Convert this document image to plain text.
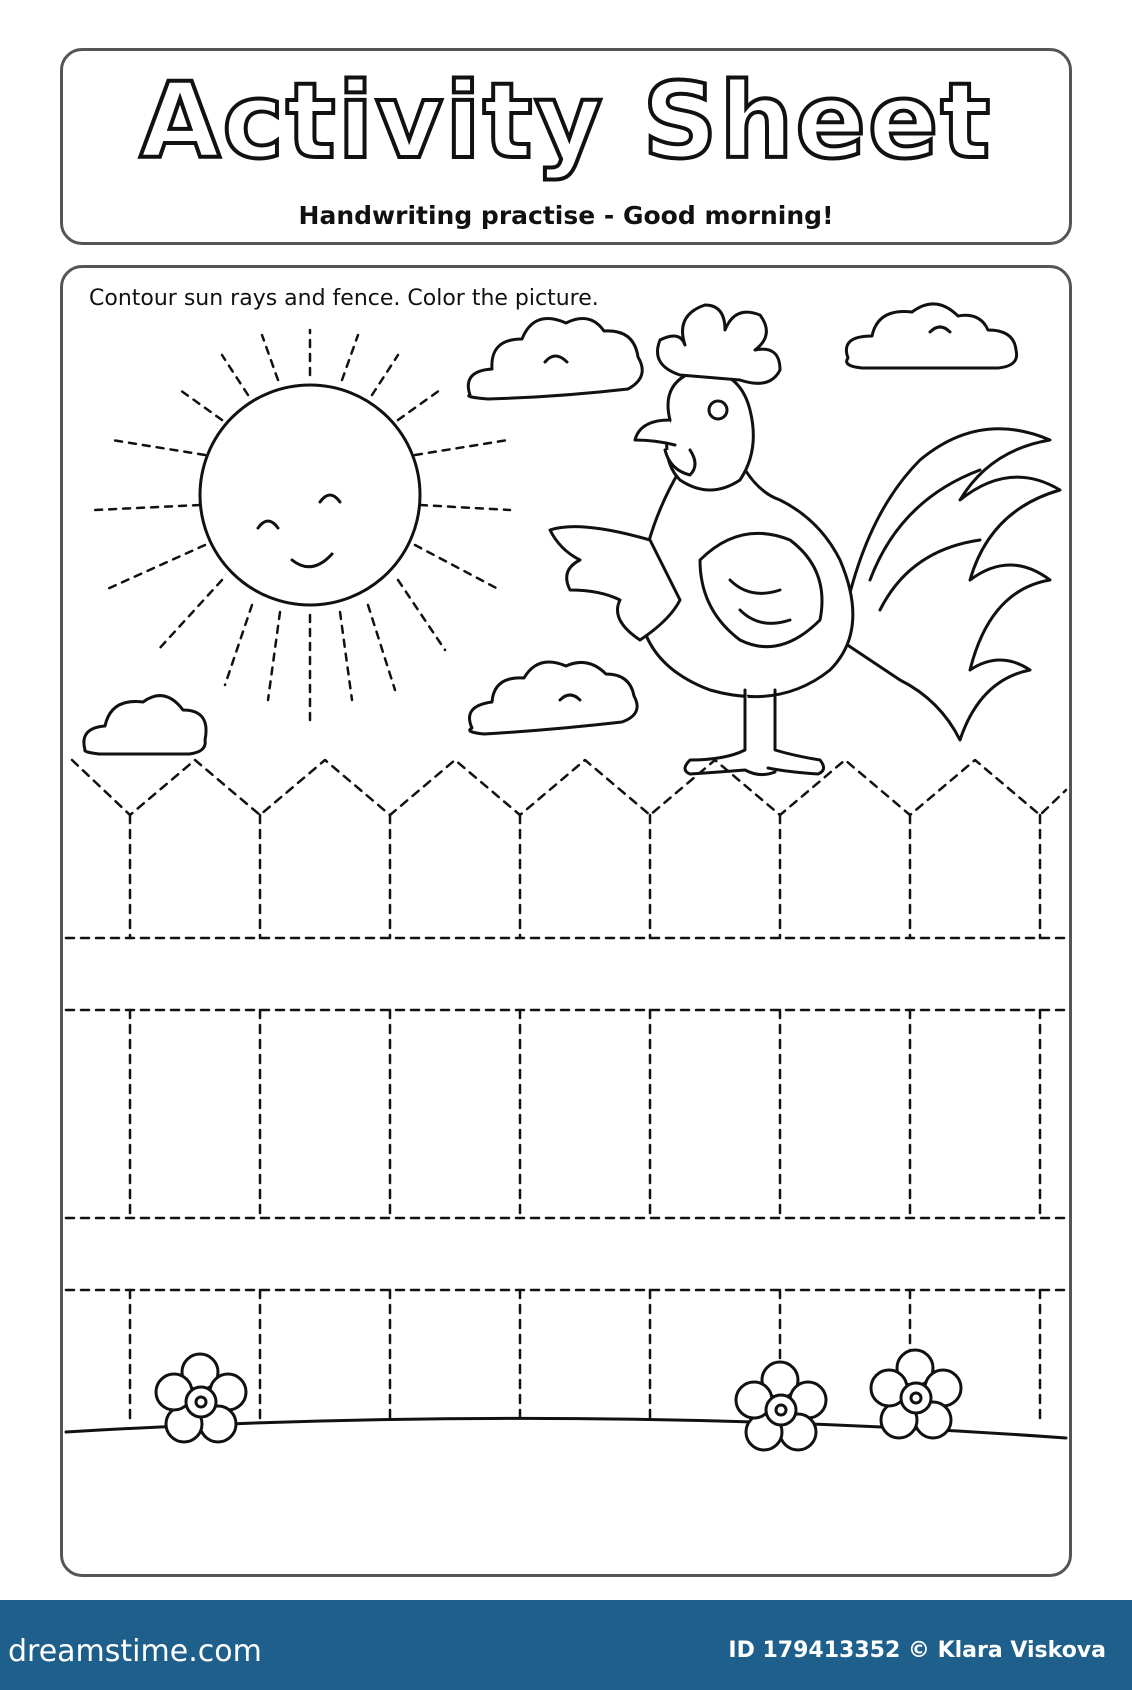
Activity Sheet
Handwriting practise - Good morning!
Contour sun rays and fence. Color the picture.
dreamstime.com	ID 179413352 © Klara Viskova
